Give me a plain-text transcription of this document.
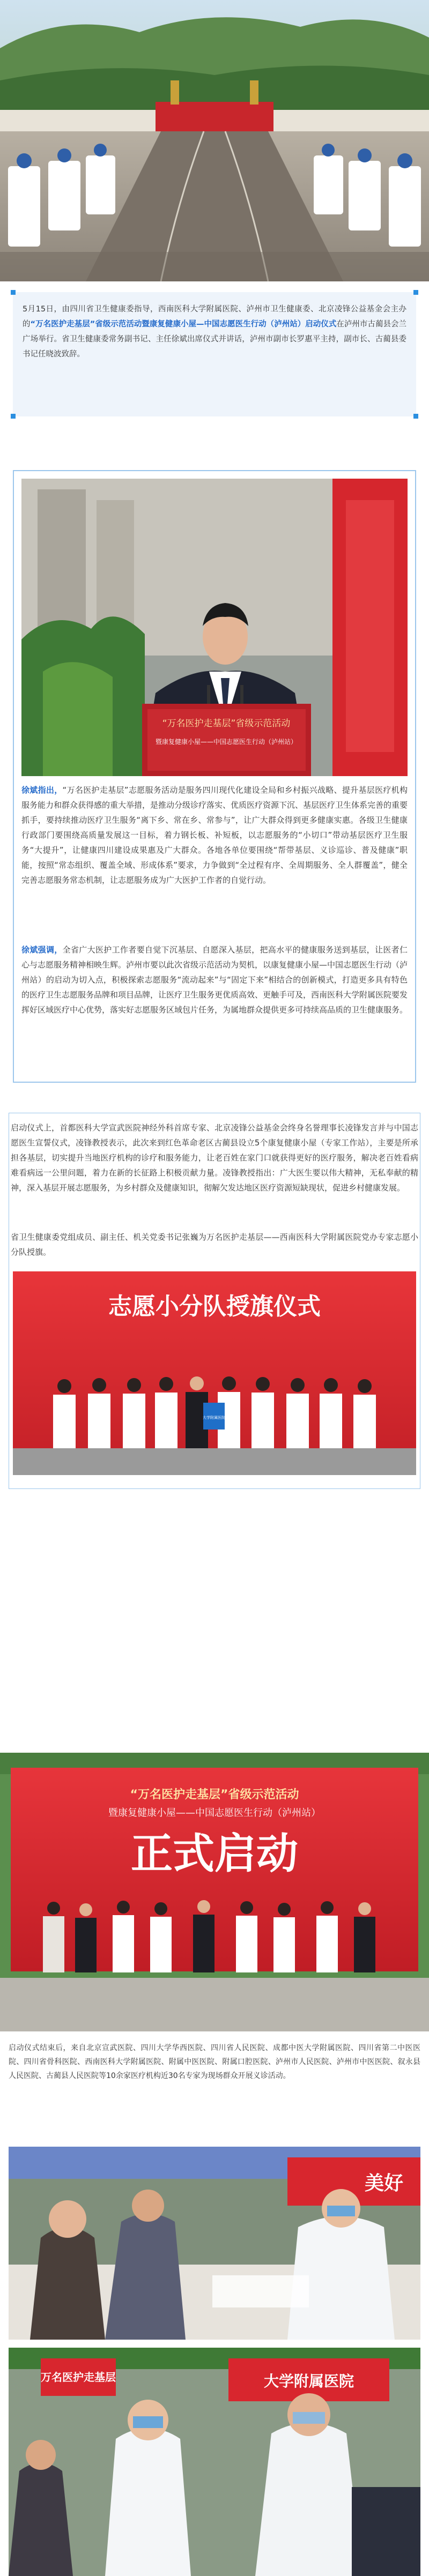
5月15日，由四川省卫生健康委指导，西南医科大学附属医院、泸州市卫生健康委、北京凌锋公益基金会主办的“万名医护走基层”省级示范活动暨康复健康小屋—中国志愿医生行动（泸州站）启动仪式在泸州市古蔺县会兰广场举行。省卫生健康委常务副书记、主任徐斌出席仪式并讲话，泸州市副市长罗惠平主持，副市长、古蔺县委书记任晓波致辞。

“万名医护走基层”省级示范活动
暨康复健康小屋——中国志愿医生行动（泸州站）

徐斌指出，“万名医护走基层”志愿服务活动是服务四川现代化建设全局和乡村振兴战略、提升基层医疗机构服务能力和群众获得感的重大举措，是推动分级诊疗落实、优质医疗资源下沉、基层医疗卫生体系完善的重要抓手，要持续推动医疗卫生服务“离下乡、常在乡、常参与”，让广大群众得到更多健康实惠。各级卫生健康行政部门要围绕高质量发展这一目标，着力钢长板、补短板，以志愿服务的“小切口”带动基层医疗卫生服务“大提升”，让健康四川建设成果惠及广大群众。各地各单位要围绕“帮带基层、义诊巡诊、普及健康”职能，按照“常态组织、覆盖全域、形成体系”要求，力争做到“全过程有序、全周期服务、全人群覆盖”，健全完善志愿服务常态机制，让志愿服务成为广大医护工作者的自觉行动。

徐斌强调，全省广大医护工作者要自觉下沉基层、自愿深入基层，把高水平的健康服务送到基层，让医者仁心与志愿服务精神相映生辉。泸州市要以此次省级示范活动为契机，以康复健康小屋—中国志愿医生行动（泸州站）的启动为切入点，积极探索志愿服务“流动起来”与“固定下来”相结合的创新模式，打造更多具有特色的医疗卫生志愿服务品牌和项目品牌，让医疗卫生服务更优质高效、更触手可及，西南医科大学附属医院要发挥好区域医疗中心优势，落实好志愿服务区域包片任务，为属地群众提供更多可持续高品质的卫生健康服务。

启动仪式上，首都医科大学宣武医院神经外科首席专家、北京凌锋公益基金会终身名誉理事长凌锋发言并与中国志愿医生宣誓仪式，凌锋教授表示，此次来到红色革命老区古蔺县设立5个康复健康小屋（专家工作站），主要是所承担各基层，切实提升当地医疗机构的诊疗和服务能力，让老百姓在家门口就获得更好的医疗服务，解决老百姓看病难看病远一公里问题，着力在新的长征路上积极贡献力量。凌锋教授指出：广大医生要以伟大精神，无私奉献的精神，深入基层开展志愿服务，为乡村群众及健康知识，彻解欠发达地区医疗资源短缺现状，促进乡村健康发展。

省卫生健康委党组成员、副主任、机关党委书记张巍为万名医护走基层——西南医科大学附属医院党办专家志愿小分队授旗。

志愿小分队授旗仪式
大学附属医院
“万名医护走基层”省级示范活动
暨康复健康小屋——中国志愿医生行动（泸州站）
正式启动

启动仪式结束后，来自北京宣武医院、四川大学华西医院、四川省人民医院、成都中医大学附属医院、四川省第二中医医院、四川省骨科医院、西南医科大学附属医院、附属中医医院、附属口腔医院、泸州市人民医院、泸州市中医医院、叙永县人民医院、古蔺县人民医院等10余家医疗机构近30名专家为现场群众开展义诊活动。

美好
万名医护走基层	大学附属医院
